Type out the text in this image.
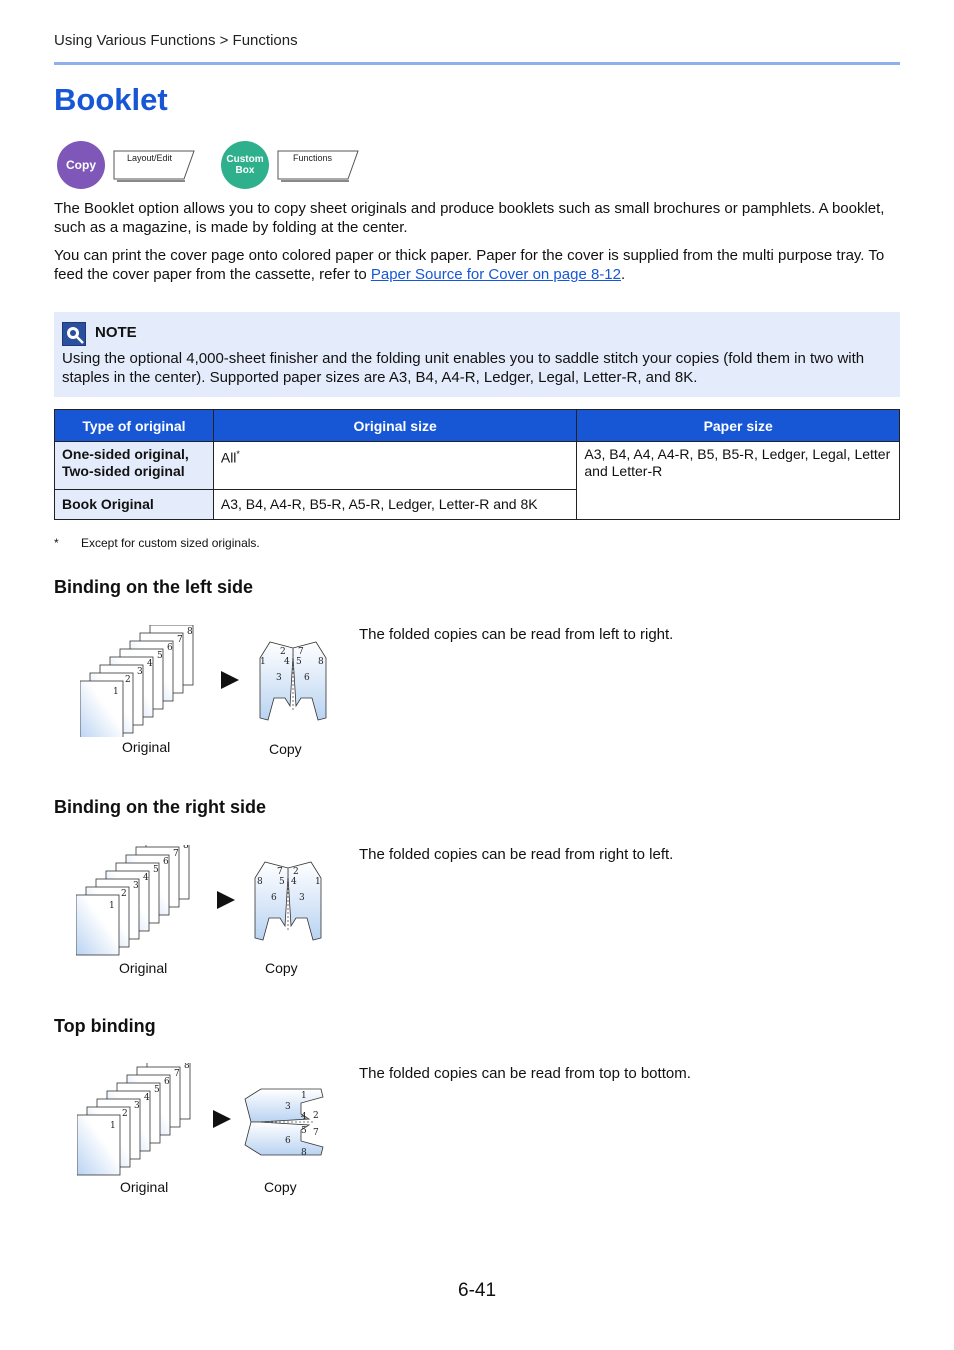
Using Various Functions > Functions
Booklet
Copy	Layout/Edit	Custom Box
Functions

The Booklet option allows you to copy sheet originals and produce booklets such as small brochures or pamphlets. A booklet, such as a magazine, is made by folding at the center.

You can print the cover page onto colored paper or thick paper. Paper for the cover is supplied from the multi purpose tray. To feed the cover paper from the cassette, refer to Paper Source for Cover on page 8-12.

NOTE

Using the optional 4,000-sheet finisher and the folding unit enables you to saddle stitch your copies (fold them in two with staples in the center). Supported paper sizes are A3, B4, A4-R, Ledger, Legal, Letter-R, and 8K.

Type of original	Original size	Paper size
One-sided original, Two-sided original	All*	A3, B4, A4, A4-R, B5, B5-R, Ledger, Legal, Letter and Letter-R
Book Original	A3, B4, A4-R, B5-R, A5-R, Ledger, Letter-R and 8K	
* Except for custom sized originals.
Binding on the left side
1
2
3
4 5
6
7
8
Original	Copy
The folded copies can be read from left to right.
Binding on the right side
8
7
6
5 4
3
2
1
Original	Copy
The folded copies can be read from right to left.
Top binding
1
2
3
4
5
6
7
8
Original	Copy
The folded copies can be read from top to bottom.
6-41
